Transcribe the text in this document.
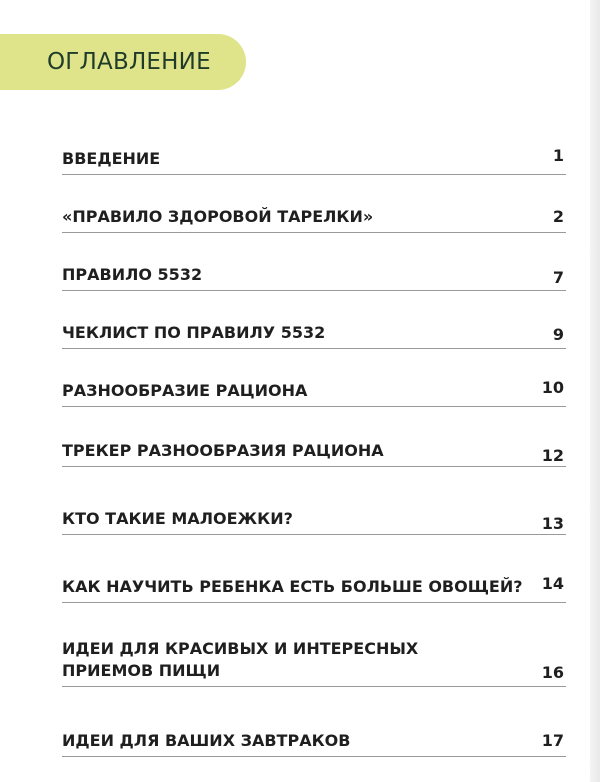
ОГЛАВЛЕНИЕ
ВВЕДЕНИЕ	1
«ПРАВИЛО ЗДОРОВОЙ ТАРЕЛКИ»	2
ПРАВИЛО 5532	7
ЧЕКЛИСТ ПО ПРАВИЛУ 5532	9
РАЗНООБРАЗИЕ РАЦИОНА	10
ТРЕКЕР РАЗНООБРАЗИЯ РАЦИОНА	12
КТО ТАКИЕ МАЛОЕЖКИ?	13
КАК НАУЧИТЬ РЕБЕНКА ЕСТЬ БОЛЬШЕ ОВОЩЕЙ?	14
ИДЕИ ДЛЯ КРАСИВЫХ И ИНТЕРЕСНЫХ ПРИЕМОВ ПИЩИ	16
ИДЕИ ДЛЯ ВАШИХ ЗАВТРАКОВ	17
